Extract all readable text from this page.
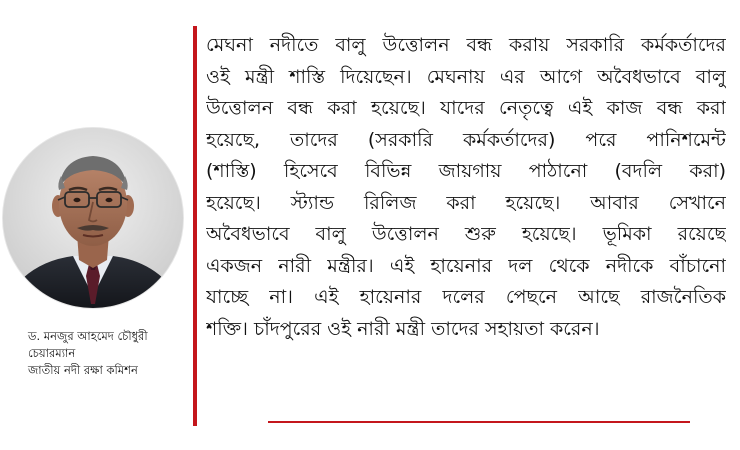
ড. মনজুর আহমেদ চৌধুরী
চেয়ারম্যান
জাতীয় নদী রক্ষা কমিশন
মেঘনা নদীতে বালু উত্তোলন বন্ধ করায় সরকারি কর্মকর্তাদের
ওই মন্ত্রী শাস্তি দিয়েছেন। মেঘনায় এর আগে অবৈধভাবে বালু
উত্তোলন বন্ধ করা হয়েছে। যাদের নেতৃত্বে এই কাজ বন্ধ করা
হয়েছে, তাদের (সরকারি কর্মকর্তাদের) পরে পানিশমেন্ট
(শাস্তি) হিসেবে বিভিন্ন জায়গায় পাঠানো (বদলি করা)
হয়েছে। স্ট্যান্ড রিলিজ করা হয়েছে। আবার সেখানে
অবৈধভাবে বালু উত্তোলন শুরু হয়েছে। ভূমিকা রয়েছে
একজন নারী মন্ত্রীর। এই হায়েনার দল থেকে নদীকে বাঁচানো
যাচ্ছে না। এই হায়েনার দলের পেছনে আছে রাজনৈতিক
শক্তি। চাঁদপুরের ওই নারী মন্ত্রী তাদের সহায়তা করেন।
